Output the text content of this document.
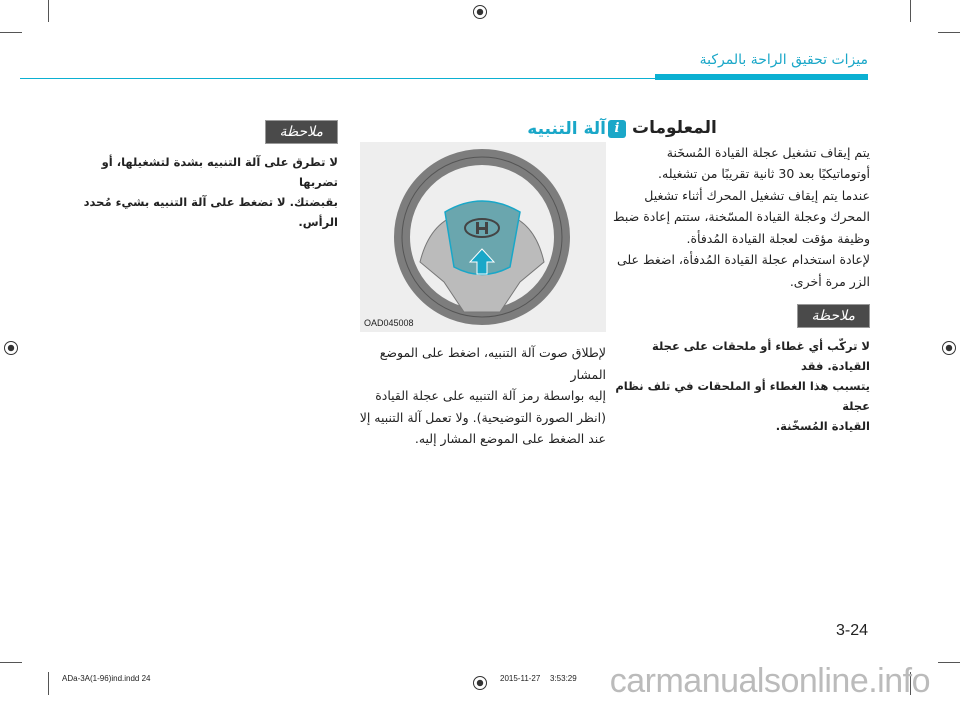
ميزات تحقيق الراحة بالمركبة
i المعلومات
يتم إيقاف تشغيل عجلة القيادة المُسخَنة
أوتوماتيكيًا بعد 30 ثانية تقريبًا من تشغيله.
عندما يتم إيقاف تشغيل المحرك أثناء تشغيل
المحرك وعجلة القيادة المسّخنة، ستتم إعادة ضبط
وظيفة مؤقت لعجلة القيادة المُدفأة.
لإعادة استخدام عجلة القيادة المُدفأة، اضغط على
الزر مرة أخرى.
ملاحظة
لا تركّب أي غطاء أو ملحقات على عجلة القيادة. فقد
يتسبب هذا الغطاء أو الملحقات في تلف نظام عجلة
القيادة المُسخّنة.
آلة التنبيه
OAD045008
لإطلاق صوت آلة التنبيه، اضغط على الموضع المشار
إليه بواسطة رمز آلة التنبيه على عجلة القيادة
(انظر الصورة التوضيحية). ولا تعمل آلة التنبيه إلا
عند الضغط على الموضع المشار إليه.
ملاحظة
لا تطرق على آلة التنبيه بشدة لتشغيلها، أو تضربها
بقبضتك. لا تضغط على آلة التنبيه بشيء مُحدد
الرأس.
3-24
ADa-3A(1-96)ind.indd 24	2015-11-27 3:53:29 carmanualsonline.info
